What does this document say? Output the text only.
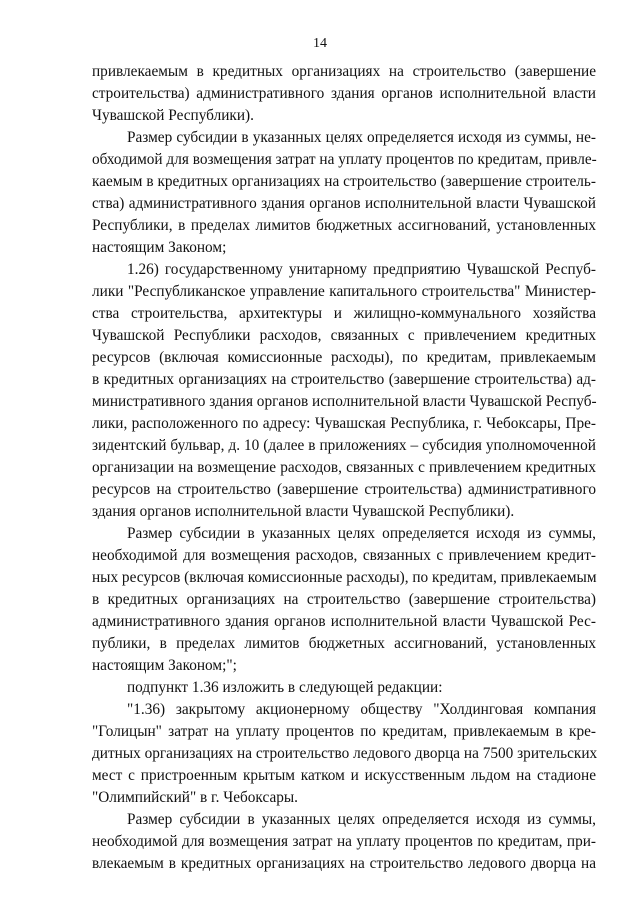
14
привлекаемым в кредитных организациях на строительство (завершение
строительства) административного здания органов исполнительной власти
Чувашской Республики).
Размер субсидии в указанных целях определяется исходя из суммы, не-
обходимой для возмещения затрат на уплату процентов по кредитам, привле-
каемым в кредитных организациях на строительство (завершение строитель-
ства) административного здания органов исполнительной власти Чувашской
Республики, в пределах лимитов бюджетных ассигнований, установленных
настоящим Законом;
1.26) государственному унитарному предприятию Чувашской Респуб-
лики "Республиканское управление капитального строительства" Министер-
ства строительства, архитектуры и жилищно-коммунального хозяйства
Чувашской Республики расходов, связанных с привлечением кредитных
ресурсов (включая комиссионные расходы), по кредитам, привлекаемым
в кредитных организациях на строительство (завершение строительства) ад-
министративного здания органов исполнительной власти Чувашской Респуб-
лики, расположенного по адресу: Чувашская Республика, г. Чебоксары, Пре-
зидентский бульвар, д. 10 (далее в приложениях – субсидия уполномоченной
организации на возмещение расходов, связанных с привлечением кредитных
ресурсов на строительство (завершение строительства) административного
здания органов исполнительной власти Чувашской Республики).
Размер субсидии в указанных целях определяется исходя из суммы,
необходимой для возмещения расходов, связанных с привлечением кредит-
ных ресурсов (включая комиссионные расходы), по кредитам, привлекаемым
в кредитных организациях на строительство (завершение строительства)
административного здания органов исполнительной власти Чувашской Рес-
публики, в пределах лимитов бюджетных ассигнований, установленных
настоящим Законом;";
подпункт 1.36 изложить в следующей редакции:
"1.36) закрытому акционерному обществу "Холдинговая компания
"Голицын" затрат на уплату процентов по кредитам, привлекаемым в кре-
дитных организациях на строительство ледового дворца на 7500 зрительских
мест с пристроенным крытым катком и искусственным льдом на стадионе
"Олимпийский" в г. Чебоксары.
Размер субсидии в указанных целях определяется исходя из суммы,
необходимой для возмещения затрат на уплату процентов по кредитам, при-
влекаемым в кредитных организациях на строительство ледового дворца на
